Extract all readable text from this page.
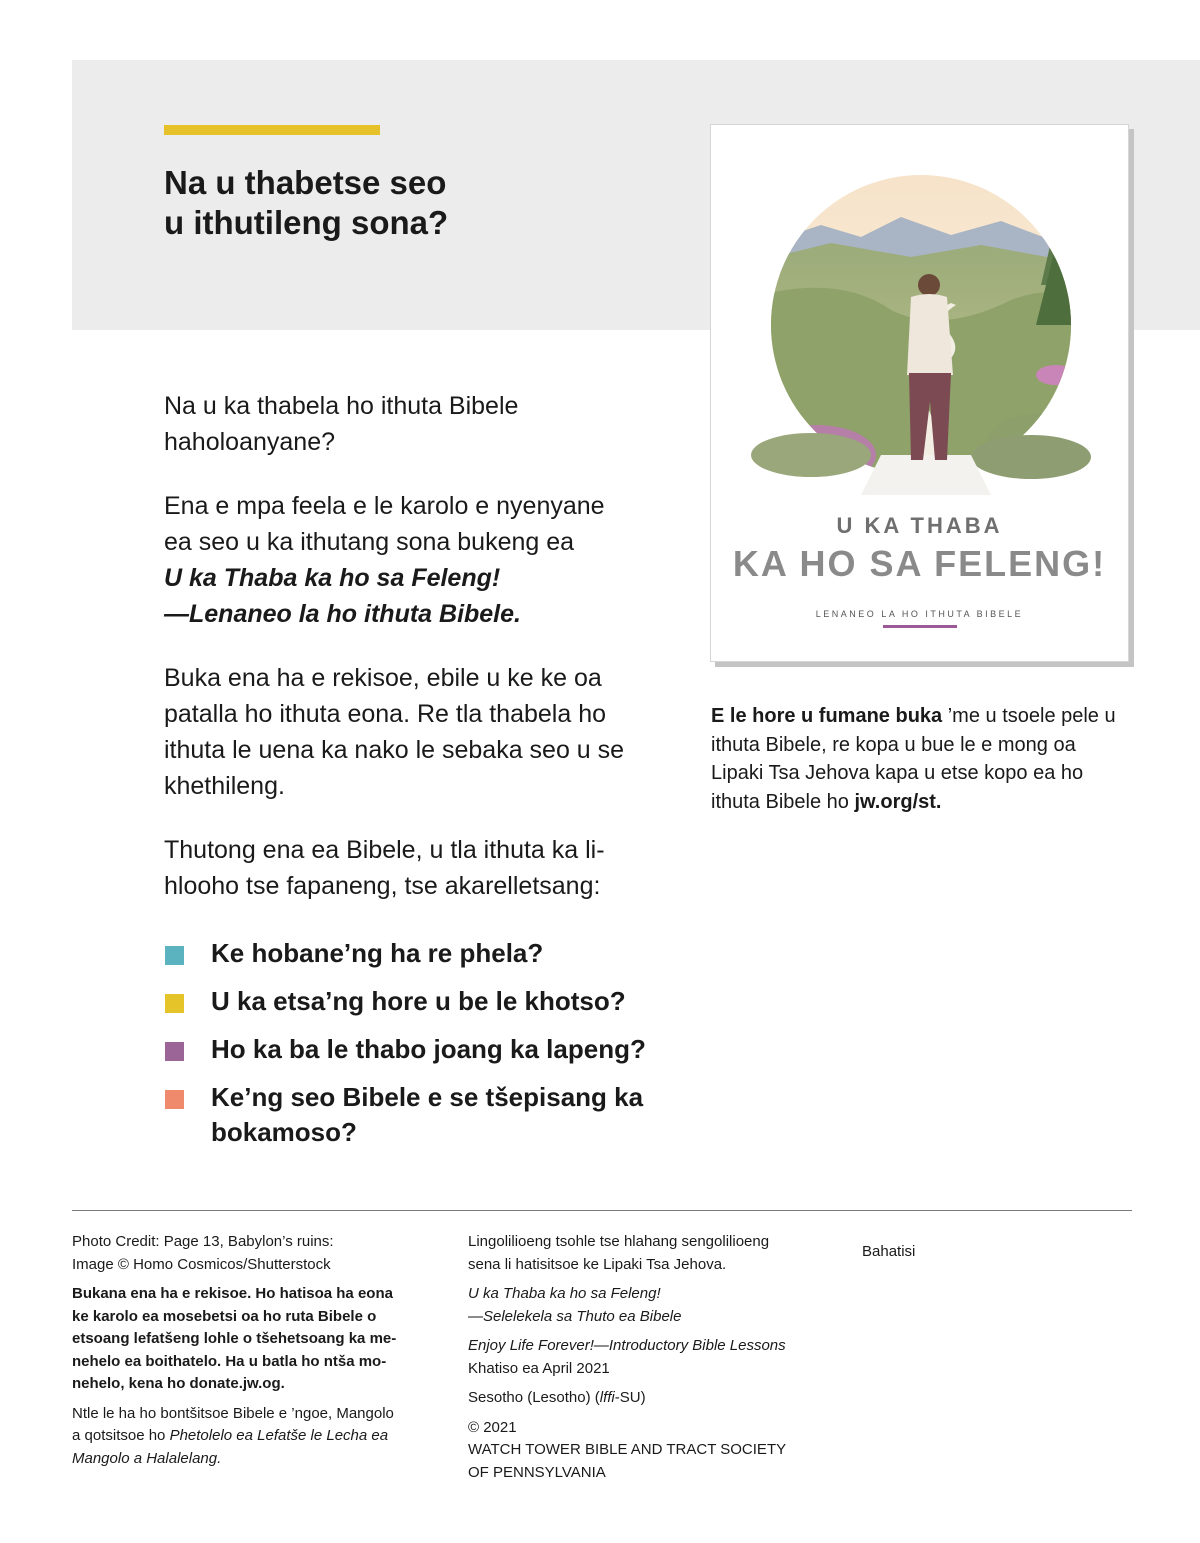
Na u thabetse seo
u ithutileng sona?

Na u ka thabela ho ithuta Bibele
haholoanyane?

Ena e mpa feela e le karolo e nyenyane
ea seo u ka ithutang sona bukeng ea
U ka Thaba ka ho sa Feleng!
—Lenaneo la ho ithuta Bibele.

Buka ena ha e rekisoe, ebile u ke ke oa
patalla ho ithuta eona. Re tla thabela ho
ithuta le uena ka nako le sebaka seo u se
khethileng.

Thutong ena ea Bibele, u tla ithuta ka li-
hlooho tse fapaneng, tse akarelletsang:

Ke hobane’ng ha re phela?
U ka etsa’ng hore u be le khotso?
Ho ka ba le thabo joang ka lapeng?
Ke’ng seo Bibele e se tšepisang ka bokamoso?
U KA THABA
KA HO SA FELENG!
LENANEO LA HO ITHUTA BIBELE

E le hore u fumane buka ’me u tsoele pele u ithuta Bibele, re kopa u bue le e mong oa Lipaki Tsa Jehova kapa u etse kopo ea ho ithuta Bibele ho jw.org/st.

Photo Credit: Page 13, Babylon’s ruins:
Image © Homo Cosmicos/Shutterstock

Bukana ena ha e rekisoe. Ho hatisoa ha eona
ke karolo ea mosebetsi oa ho ruta Bibele o
etsoang lefatšeng lohle o tšehetsoang ka me-
nehelo ea boithatelo. Ha u batla ho ntša mo-
nehelo, kena ho donate.jw.og.

Ntle le ha ho bontšitsoe Bibele e ’ngoe, Mangolo
a qotsitsoe ho Phetolelo ea Lefatše le Lecha ea
Mangolo a Halalelang.

Lingolilioeng tsohle tse hlahang sengolilioeng
sena li hatisitsoe ke Lipaki Tsa Jehova.

U ka Thaba ka ho sa Feleng!
—Selelekela sa Thuto ea Bibele

Enjoy Life Forever!—Introductory Bible Lessons
Khatiso ea April 2021

Sesotho (Lesotho) (lffi-SU)

© 2021
WATCH TOWER BIBLE AND TRACT SOCIETY
OF PENNSYLVANIA

Bahatisi
